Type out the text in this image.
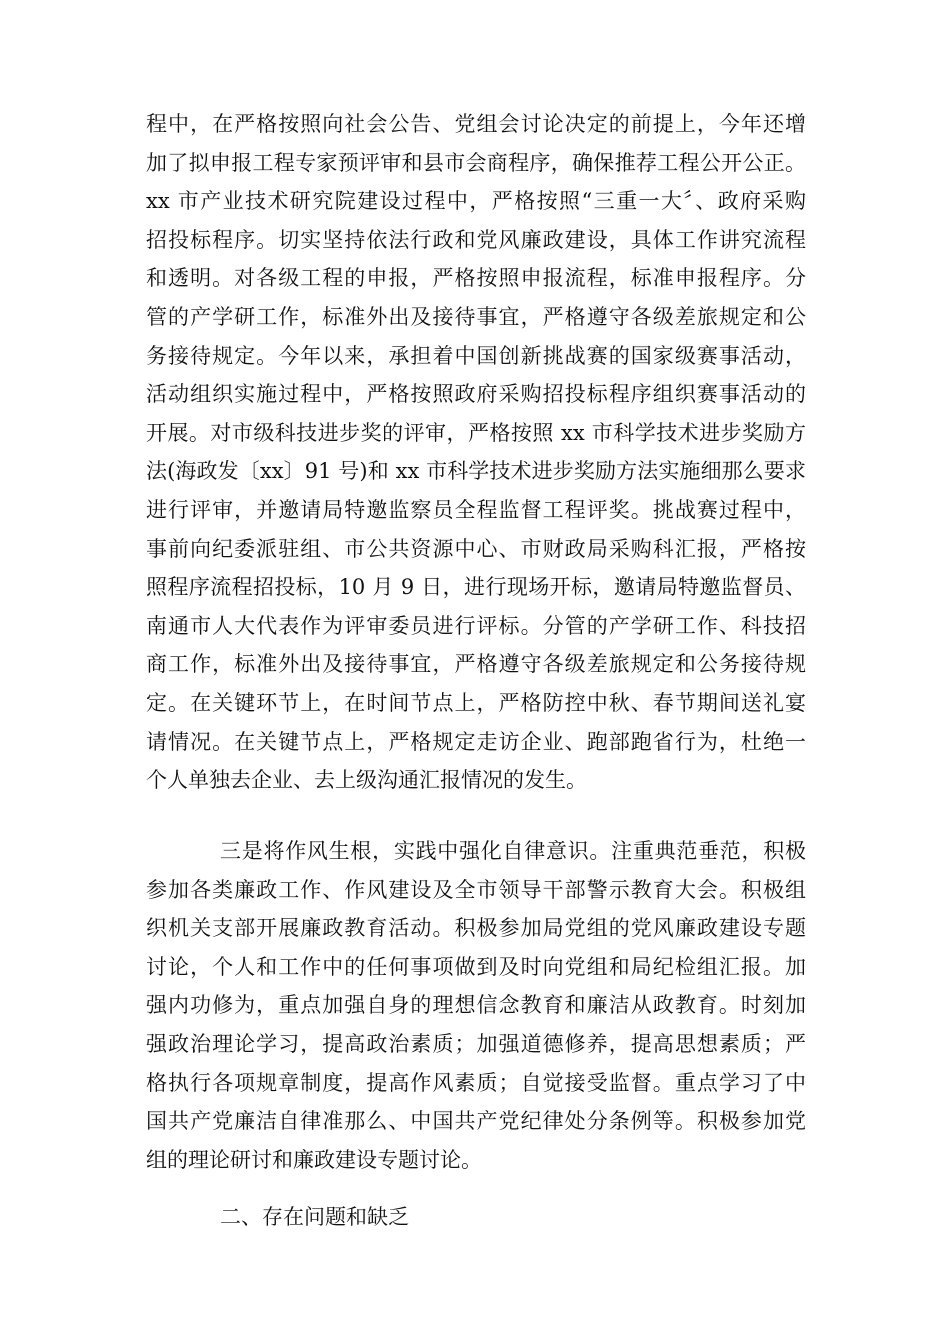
程中，在严格按照向社会公告、党组会讨论决定的前提上，今年还增
加了拟申报工程专家预评审和县市会商程序，确保推荐工程公开公正。
xx 市产业技术研究院建设过程中，严格按照“三重一大〞、政府采购
招投标程序。切实坚持依法行政和党风廉政建设，具体工作讲究流程
和透明。对各级工程的申报，严格按照申报流程，标准申报程序。分
管的产学研工作，标准外出及接待事宜，严格遵守各级差旅规定和公
务接待规定。今年以来，承担着中国创新挑战赛的国家级赛事活动，
活动组织实施过程中，严格按照政府采购招投标程序组织赛事活动的
开展。对市级科技进步奖的评审，严格按照 xx 市科学技术进步奖励方
法(海政发〔xx〕91 号)和 xx 市科学技术进步奖励方法实施细那么要求
进行评审，并邀请局特邀监察员全程监督工程评奖。挑战赛过程中，
事前向纪委派驻组、市公共资源中心、市财政局采购科汇报，严格按
照程序流程招投标，10 月 9 日，进行现场开标，邀请局特邀监督员、
南通市人大代表作为评审委员进行评标。分管的产学研工作、科技招
商工作，标准外出及接待事宜，严格遵守各级差旅规定和公务接待规
定。在关键环节上，在时间节点上，严格防控中秋、春节期间送礼宴
请情况。在关键节点上，严格规定走访企业、跑部跑省行为，杜绝一
个人单独去企业、去上级沟通汇报情况的发生。
三是将作风生根，实践中强化自律意识。注重典范垂范，积极
参加各类廉政工作、作风建设及全市领导干部警示教育大会。积极组
织机关支部开展廉政教育活动。积极参加局党组的党风廉政建设专题
讨论，个人和工作中的任何事项做到及时向党组和局纪检组汇报。加
强内功修为，重点加强自身的理想信念教育和廉洁从政教育。时刻加
强政治理论学习，提高政治素质；加强道德修养，提高思想素质；严
格执行各项规章制度，提高作风素质；自觉接受监督。重点学习了中
国共产党廉洁自律准那么、中国共产党纪律处分条例等。积极参加党
组的理论研讨和廉政建设专题讨论。
二、存在问题和缺乏
